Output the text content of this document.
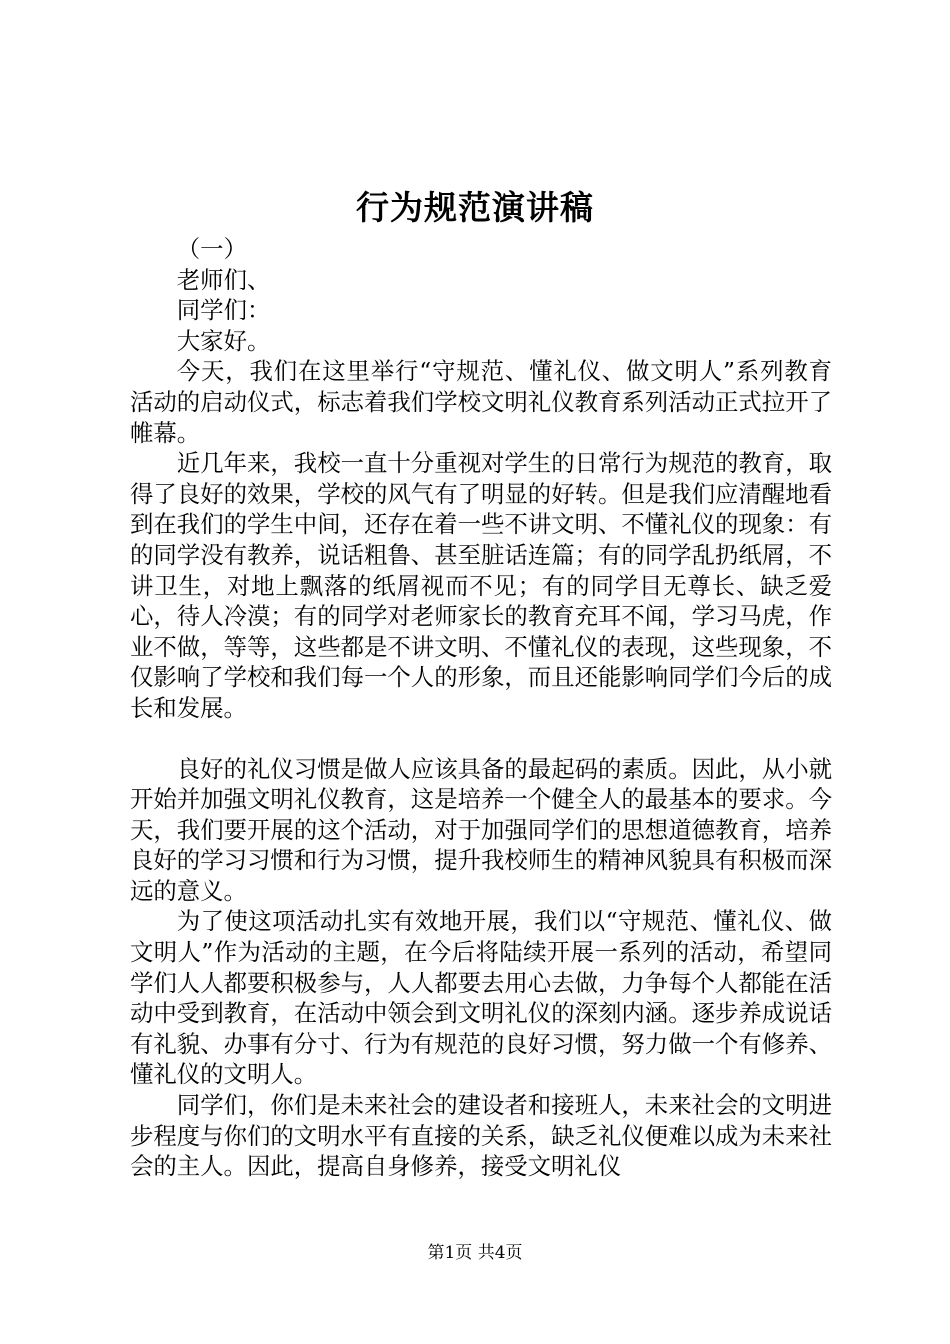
行为规范演讲稿

（一）

老师们、

同学们：

大家好。

今天，我们在这里举行“守规范、懂礼仪、做文明人”系列教育活动的启动仪式，标志着我们学校文明礼仪教育系列活动正式拉开了帷幕。

近几年来，我校一直十分重视对学生的日常行为规范的教育，取得了良好的效果，学校的风气有了明显的好转。但是我们应清醒地看到在我们的学生中间，还存在着一些不讲文明、不懂礼仪的现象：有的同学没有教养，说话粗鲁、甚至脏话连篇；有的同学乱扔纸屑，不讲卫生，对地上飘落的纸屑视而不见；有的同学目无尊长、缺乏爱心，待人冷漠；有的同学对老师家长的教育充耳不闻，学习马虎，作业不做，等等，这些都是不讲文明、不懂礼仪的表现，这些现象，不仅影响了学校和我们每一个人的形象，而且还能影响同学们今后的成长和发展。

良好的礼仪习惯是做人应该具备的最起码的素质。因此，从小就开始并加强文明礼仪教育，这是培养一个健全人的最基本的要求。今天，我们要开展的这个活动，对于加强同学们的思想道德教育，培养良好的学习习惯和行为习惯，提升我校师生的精神风貌具有积极而深远的意义。

为了使这项活动扎实有效地开展，我们以“守规范、懂礼仪、做文明人”作为活动的主题，在今后将陆续开展一系列的活动，希望同学们人人都要积极参与，人人都要去用心去做，力争每个人都能在活动中受到教育，在活动中领会到文明礼仪的深刻内涵。逐步养成说话有礼貌、办事有分寸、行为有规范的良好习惯，努力做一个有修养、懂礼仪的文明人。

同学们，你们是未来社会的建设者和接班人，未来社会的文明进步程度与你们的文明水平有直接的关系，缺乏礼仪便难以成为未来社会的主人。因此，提高自身修养，接受文明礼仪

第1页 共4页
